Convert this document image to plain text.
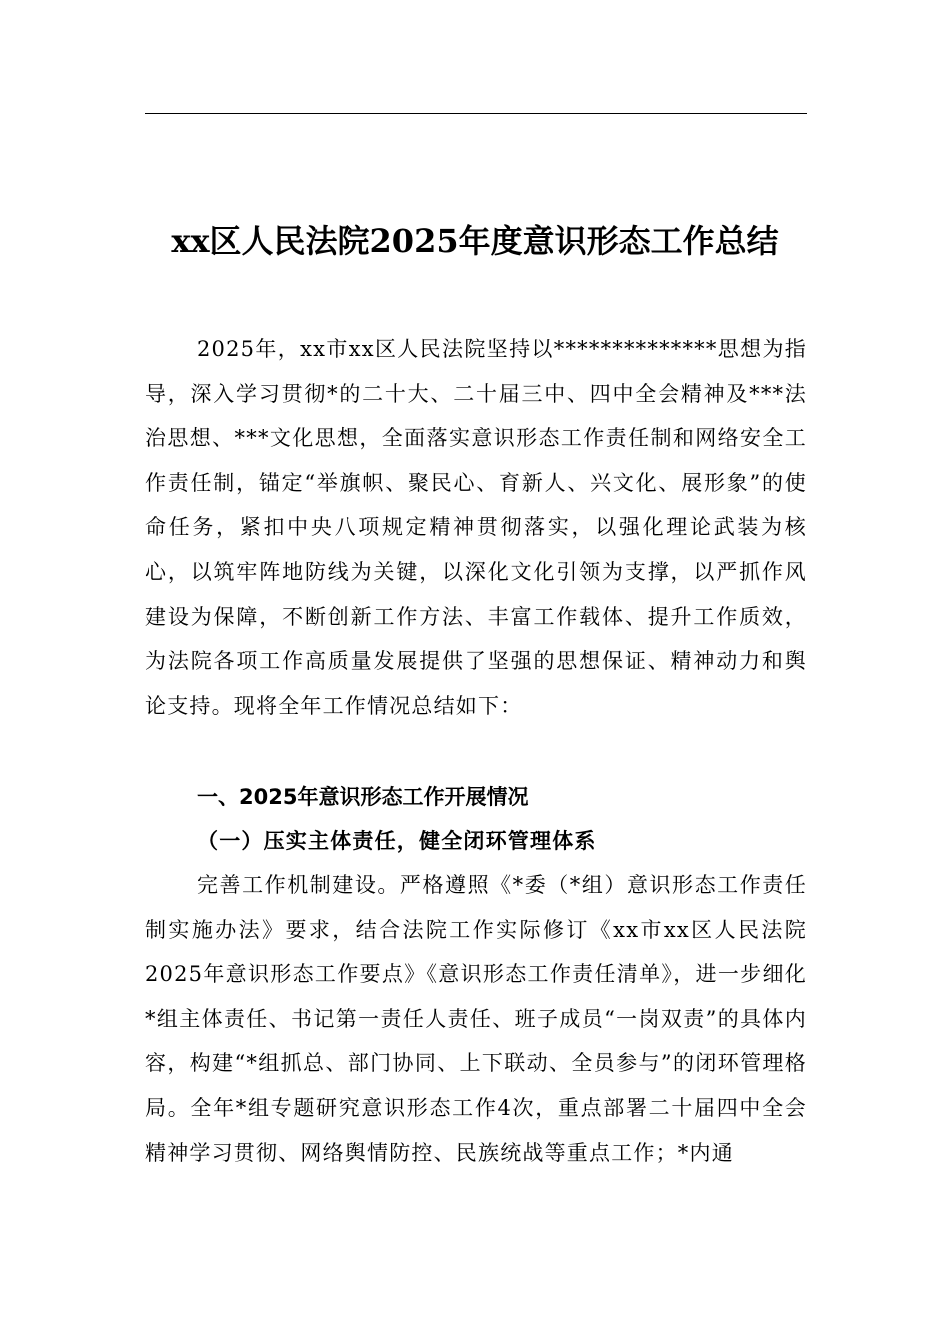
xx区人民法院2025年度意识形态工作总结

2025年，xx市xx区人民法院坚持以**************思想为指导，深入学习贯彻*的二十大、二十届三中、四中全会精神及***法治思想、***文化思想，全面落实意识形态工作责任制和网络安全工作责任制，锚定“举旗帜、聚民心、育新人、兴文化、展形象”的使命任务，紧扣中央八项规定精神贯彻落实，以强化理论武装为核心，以筑牢阵地防线为关键，以深化文化引领为支撑，以严抓作风建设为保障，不断创新工作方法、丰富工作载体、提升工作质效，为法院各项工作高质量发展提供了坚强的思想保证、精神动力和舆论支持。现将全年工作情况总结如下：

一、2025年意识形态工作开展情况
（一）压实主体责任，健全闭环管理体系

完善工作机制建设。严格遵照《*委（*组）意识形态工作责任制实施办法》要求，结合法院工作实际修订《xx市xx区人民法院2025年意识形态工作要点》《意识形态工作责任清单》，进一步细化*组主体责任、书记第一责任人责任、班子成员“一岗双责”的具体内容，构建“*组抓总、部门协同、上下联动、全员参与”的闭环管理格局。全年*组专题研究意识形态工作4次，重点部署二十届四中全会精神学习贯彻、网络舆情防控、民族统战等重点工作；*内通
